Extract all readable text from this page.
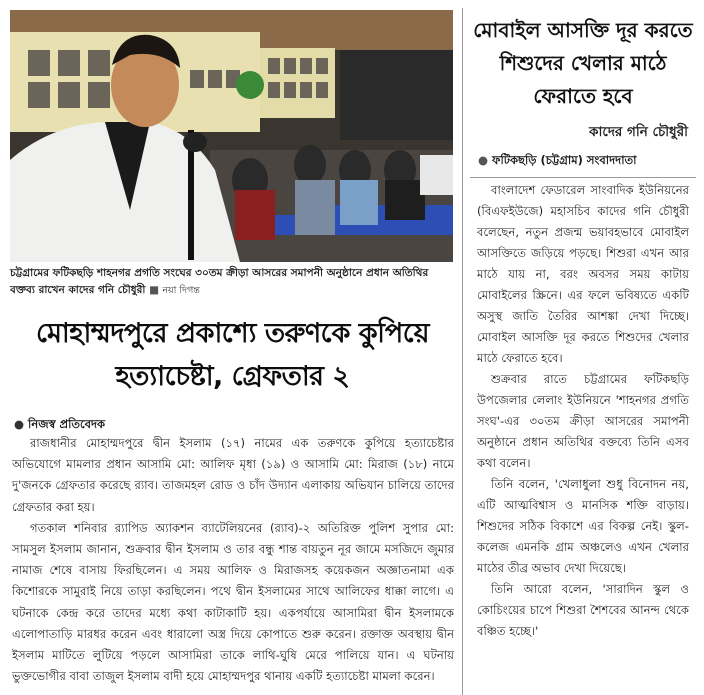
চট্টগ্রামের ফটিকছড়ি শাহনগর প্রগতি সংঘের ৩০তম ক্রীড়া আসরের সমাপনী অনুষ্ঠানে প্রধান অতিথির বক্তব্য রাখেন কাদের গনি চৌধুরী ■ নয়া দিগন্ত
মোহাম্মদপুরে প্রকাশ্যে তরুণকে কুপিয়ে হত্যাচেষ্টা, গ্রেফতার ২
● নিজস্ব প্রতিবেদক

রাজধানীর মোহাম্মদপুরে দ্বীন ইসলাম (১৭) নামের এক তরুণকে কুপিয়ে হত্যাচেষ্টার অভিযোগে মামলার প্রধান আসামি মো: আলিফ মৃধা (১৯) ও আসামি মো: মিরাজ (১৮) নামে দু'জনকে গ্রেফতার করেছে র‍্যাব। তাজমহল রোড ও চাঁদ উদ্যান এলাকায় অভিযান চালিয়ে তাদের গ্রেফতার করা হয়।

গতকাল শনিবার র‍্যাপিড অ্যাকশন ব্যাটেলিয়নের (র‍্যাব)-২ অতিরিক্ত পুলিশ সুপার মো: সামসুল ইসলাম জানান, শুক্রবার দ্বীন ইসলাম ও তার বন্ধু শান্ত বায়তুন নূর জামে মসজিদে জুমার নামাজ শেষে বাসায় ফিরছিলেন। এ সময় আলিফ ও মিরাজসহ কয়েকজন অজ্ঞাতনামা এক কিশোরকে সামুরাই নিয়ে তাড়া করছিলেন। পথে দ্বীন ইসলামের সাথে আলিফের ধাক্কা লাগে। এ ঘটনাকে কেন্দ্র করে তাদের মধ্যে কথা কাটাকাটি হয়। একপর্যায়ে আসামিরা দ্বীন ইসলামকে এলোপাতাড়ি মারধর করেন এবং ধারালো অস্ত্র দিয়ে কোপাতে শুরু করেন। রক্তাক্ত অবস্থায় দ্বীন ইসলাম মাটিতে লুটিয়ে পড়লে আসামিরা তাকে লাথি-ঘুষি মেরে পালিয়ে যান। এ ঘটনায় ভুক্তভোগীর বাবা তাজুল ইসলাম বাদী হয়ে মোহাম্মদপুর থানায় একটি হত্যাচেষ্টা মামলা করেন।

মোবাইল আসক্তি দূর করতে শিশুদের খেলার মাঠে ফেরাতে হবে
কাদের গনি চৌধুরী
● ফটিকছড়ি (চট্টগ্রাম) সংবাদদাতা

বাংলাদেশ ফেডারেল সাংবাদিক ইউনিয়নের (বিএফইউজে) মহাসচিব কাদের গনি চৌধুরী বলেছেন, নতুন প্রজন্ম ভয়াবহভাবে মোবাইল আসক্তিতে জড়িয়ে পড়ছে। শিশুরা এখন আর মাঠে যায় না, বরং অবসর সময় কাটায় মোবাইলের স্ক্রিনে। এর ফলে ভবিষ্যতে একটি অসুস্থ জাতি তৈরির আশঙ্কা দেখা দিচ্ছে। মোবাইল আসক্তি দূর করতে শিশুদের খেলার মাঠে ফেরাতে হবে।

শুক্রবার রাতে চট্টগ্রামের ফটিকছড়ি উপজেলার লেলাং ইউনিয়নে 'শাহনগর প্রগতি সংঘ'-এর ৩০তম ক্রীড়া আসরের সমাপনী অনুষ্ঠানে প্রধান অতিথির বক্তব্যে তিনি এসব কথা বলেন।

তিনি বলেন, 'খেলাধুলা শুধু বিনোদন নয়, এটি আত্মবিশ্বাস ও মানসিক শক্তি বাড়ায়। শিশুদের সঠিক বিকাশে এর বিকল্প নেই। স্কুল-কলেজ এমনকি গ্রাম অঞ্চলেও এখন খেলার মাঠের তীব্র অভাব দেখা দিয়েছে।

তিনি আরো বলেন, 'সারাদিন স্কুল ও কোচিংয়ের চাপে শিশুরা শৈশবের আনন্দ থেকে বঞ্চিত হচ্ছে।'
